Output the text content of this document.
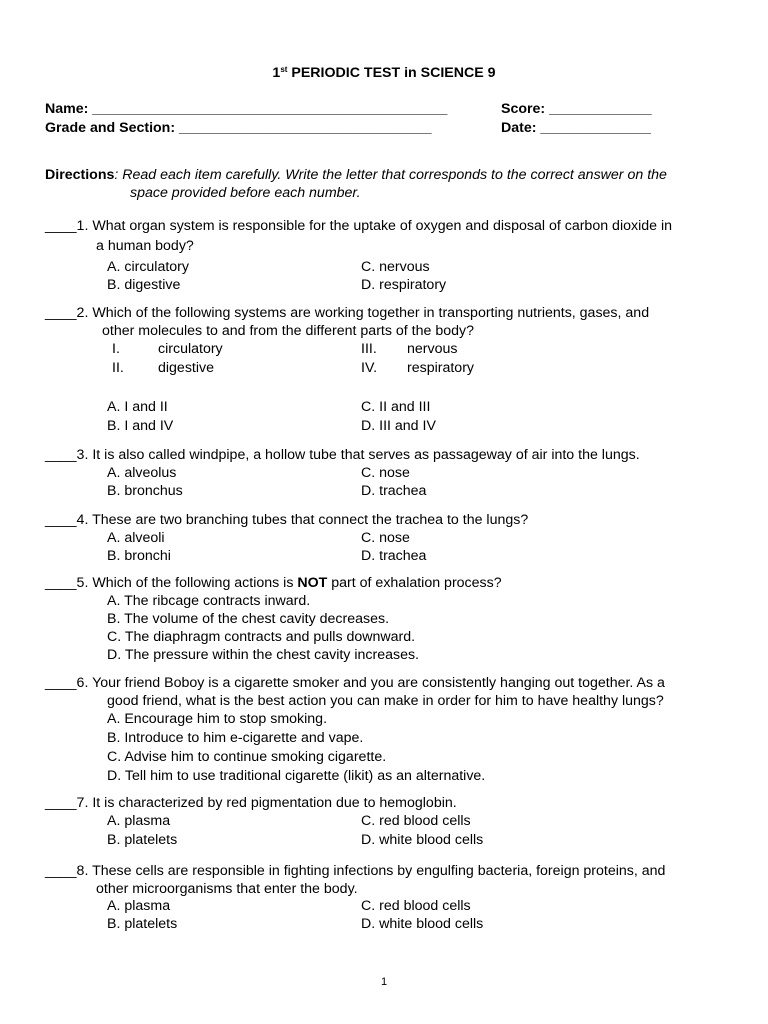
1st PERIODIC TEST in SCIENCE 9
Name: _____________________________________________	Score: _____________
Grade and Section: ________________________________	Date: ______________
Directions: Read each item carefully. Write the letter that corresponds to the correct answer on the
space provided before each number.
____1. What organ system is responsible for the uptake of oxygen and disposal of carbon dioxide in
a human body?
A. circulatory	C. nervous
B. digestive	D. respiratory
____2. Which of the following systems are working together in transporting nutrients, gases, and
other molecules to and from the different parts of the body?
I.	circulatory	III. nervous
II. digestive	IV. respiratory
A. I and II	C. II and III
B. I and IV	D. III and IV
____3. It is also called windpipe, a hollow tube that serves as passageway of air into the lungs.
A. alveolus	C. nose
B. bronchus	D. trachea
____4. These are two branching tubes that connect the trachea to the lungs?
A. alveoli	C. nose
B. bronchi	D. trachea
____5. Which of the following actions is NOT part of exhalation process?
A. The ribcage contracts inward.
B. The volume of the chest cavity decreases.
C. The diaphragm contracts and pulls downward.
D. The pressure within the chest cavity increases.
____6. Your friend Boboy is a cigarette smoker and you are consistently hanging out together. As a
good friend, what is the best action you can make in order for him to have healthy lungs?
A. Encourage him to stop smoking.
B. Introduce to him e-cigarette and vape.
C. Advise him to continue smoking cigarette.
D. Tell him to use traditional cigarette (likit) as an alternative.
____7. It is characterized by red pigmentation due to hemoglobin.
A. plasma	C. red blood cells
B. platelets	D. white blood cells
____8. These cells are responsible in fighting infections by engulfing bacteria, foreign proteins, and
other microorganisms that enter the body.
A. plasma	C. red blood cells
B. platelets	D. white blood cells
1
